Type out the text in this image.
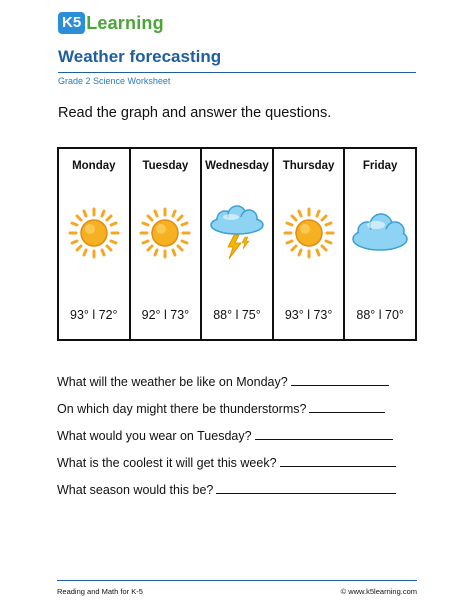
K5 Learning
Weather forecasting
Grade 2 Science Worksheet
Read the graph and answer the questions.
Monday
93° l 72°
Tuesday
92° l 73°
Wednesday
88° l 75°
Thursday
93° l 73°
Friday
88° l 70°
What will the weather be like on Monday?
On which day might there be thunderstorms?
What would you wear on Tuesday?
What is the coolest it will get this week?
What season would this be?
Reading and Math for K-5	© www.k5learning.com
